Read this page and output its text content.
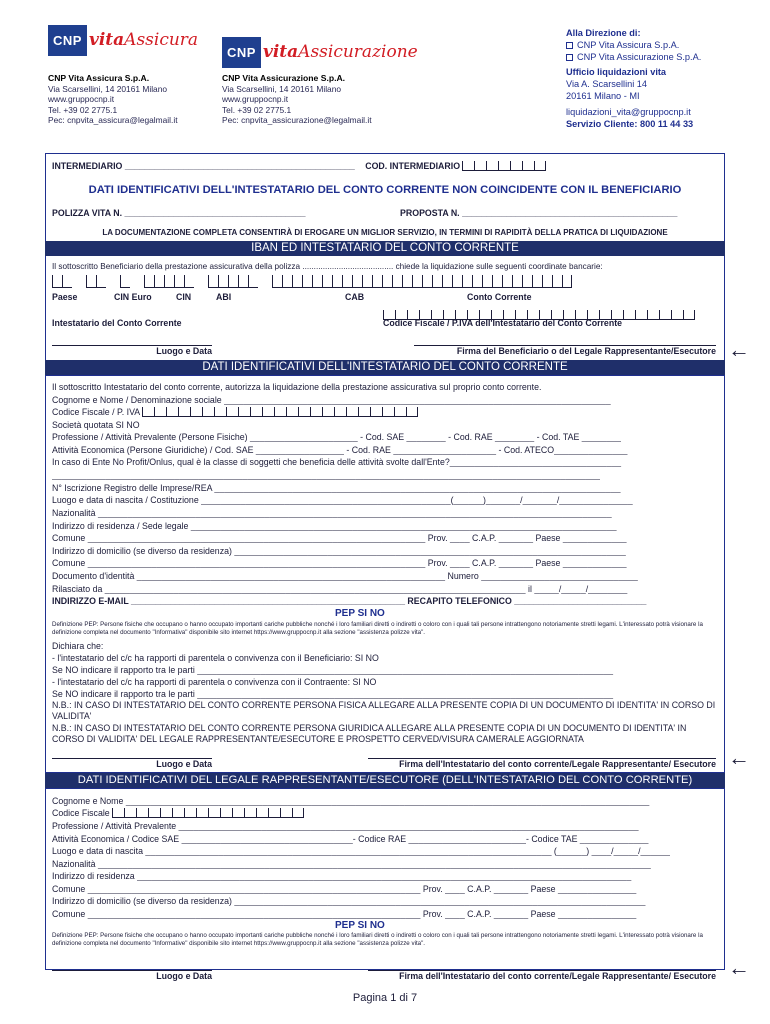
CNP vita Assicura
CNP vita Assicurazione
CNP Vita Assicura S.p.A.
Via Scarsellini, 14 20161 Milano
www.gruppocnp.it
Tel. +39 02 2775.1
Pec: cnpvita_assicura@legalmail.it
CNP Vita Assicurazione S.p.A.
Via Scarsellini, 14 20161 Milano
www.gruppocnp.it
Tel. +39 02 2775.1
Pec: cnpvita_assicurazione@legalmail.it
Alla Direzione di:
CNP Vita Assicura S.p.A.
CNP Vita Assicurazione S.p.A.
Ufficio liquidazioni vita
Via A. Scarsellini 14
20161 Milano - MI
liquidazioni_vita@gruppocnp.it
Servizio Cliente: 800 11 44 33
INTERMEDIARIO _______________________________________________ COD. INTERMEDIARIO
DATI IDENTIFICATIVI DELL'INTESTATARIO DEL CONTO CORRENTE NON COINCIDENTE CON IL BENEFICIARIO
POLIZZA VITA N. _____________________________________	PROPOSTA N. ____________________________________________
LA DOCUMENTAZIONE COMPLETA CONSENTIRÀ DI EROGARE UN MIGLIOR SERVIZIO, IN TERMINI DI RAPIDITÀ DELLA PRATICA DI LIQUIDAZIONE
IBAN ED INTESTATARIO DEL CONTO CORRENTE
Il sottoscritto Beneficiario della prestazione assicurativa della polizza ........................................ chiede la liquidazione sulle seguenti coordinate bancarie:
Paese	CIN Euro	CIN	ABI	CAB	Conto Corrente
Intestatario del Conto Corrente	Codice Fiscale / P.IVA dell'Intestatario del Conto Corrente
Luogo e Data	Firma del Beneficiario o del Legale Rappresentante/Esecutore ←
DATI IDENTIFICATIVI DELL'INTESTATARIO DEL CONTO CORRENTE
Il sottoscritto Intestatario del conto corrente, autorizza la liquidazione della prestazione assicurativa sul proprio conto corrente.
Cognome e Nome / Denominazione sociale _______________________________________________________________________________
Codice Fiscale / P. IVA
Società quotata SI NO
Professione / Attività Prevalente (Persone Fisiche) ______________________ - Cod. SAE ________ - Cod. RAE ________ - Cod. TAE ________
Attività Economica (Persone Giuridiche) / Cod. SAE __________________ - Cod. RAE _____________________ - Cod. ATECO_______________
In caso di Ente No Profit/Onlus, qual è la classe di soggetti che beneficia delle attività svolte dall'Ente?___________________________________
________________________________________________________________________________________________________________
N° Iscrizione Registro delle Imprese/REA ___________________________________________________________________________________
Luogo e data di nascita / Costituzione ___________________________________________________(______)_______/_______/_______________
Nazionalità _________________________________________________________________________________________________________
Indirizzo di residenza / Sede legale _______________________________________________________________________________________
Comune _____________________________________________________________________ Prov. ____ C.A.P. _______ Paese _____________
Indirizzo di domicilio (se diverso da residenza) ________________________________________________________________________________
Comune _____________________________________________________________________ Prov. ____ C.A.P. _______ Paese _____________
Documento d'identità _______________________________________________________________ Numero ________________________________
Rilasciato da ______________________________________________________________________________________ il _____/_____/________
INDIRIZZO E-MAIL ________________________________________________________ RECAPITO TELEFONICO ___________________________
PEP SI NO
Definizione PEP: Persone fisiche che occupano o hanno occupato importanti cariche pubbliche nonché i loro familiari diretti o indiretti o coloro con i quali tali persone intrattengono notoriamente stretti legami. L'interessato potrà visionare la definizione completa nel documento "Informativa" disponibile sito internet https://www.gruppocnp.it alla sezione "assistenza polizze vita".
Dichiara che:
- l'intestatario del c/c ha rapporti di parentela o convivenza con il Beneficiario: SI NO
Se NO indicare il rapporto tra le parti _____________________________________________________________________________________
- l'intestatario del c/c ha rapporti di parentela o convivenza con il Contraente: SI NO
Se NO indicare il rapporto tra le parti _____________________________________________________________________________________
N.B.: IN CASO DI INTESTATARIO DEL CONTO CORRENTE PERSONA FISICA ALLEGARE ALLA PRESENTE COPIA DI UN DOCUMENTO DI IDENTITA' IN CORSO DI VALIDITA'
N.B.: IN CASO DI INTESTATARIO DEL CONTO CORRENTE PERSONA GIURIDICA ALLEGARE ALLA PRESENTE COPIA DI UN DOCUMENTO DI IDENTITA' IN CORSO DI VALIDITA' DEL LEGALE RAPPRESENTANTE/ESECUTORE E PROSPETTO CERVED/VISURA CAMERALE AGGIORNATA
Luogo e Data	Firma dell'Intestatario del conto corrente/Legale Rappresentante/ Esecutore ←
DATI IDENTIFICATIVI DEL LEGALE RAPPRESENTANTE/ESECUTORE (DELL'INTESTATARIO DEL CONTO CORRENTE)
Cognome e Nome ___________________________________________________________________________________________________________
Codice Fiscale
Professione / Attività Prevalente ______________________________________________________________________________________________
Attività Economica / Codice SAE ___________________________________- Codice RAE ________________________- Codice TAE ______________
Luogo e data di nascita ___________________________________________________________________________________ (______) ____/_____/______
Nazionalità _________________________________________________________________________________________________________________
Indirizzo di residenza _____________________________________________________________________________________________________
Comune ____________________________________________________________________ Prov. ____ C.A.P. _______ Paese ________________
Indirizzo di domicilio (se diverso da residenza) ____________________________________________________________________________________
Comune ____________________________________________________________________ Prov. ____ C.A.P. _______ Paese ________________
PEP SI NO
Definizione PEP: Persone fisiche che occupano o hanno occupato importanti cariche pubbliche nonché i loro familiari diretti o indiretti o coloro con i quali tali persone intrattengono notoriamente stretti legami. L'interessato potrà visionare la definizione completa nel documento "Informative" disponibile sito internet https://www.gruppocnp.it alla sezione "assistenza polizze vita".
Luogo e Data	Firma dell'Intestatario del conto corrente/Legale Rappresentante/ Esecutore ←
Pagina 1 di 7
